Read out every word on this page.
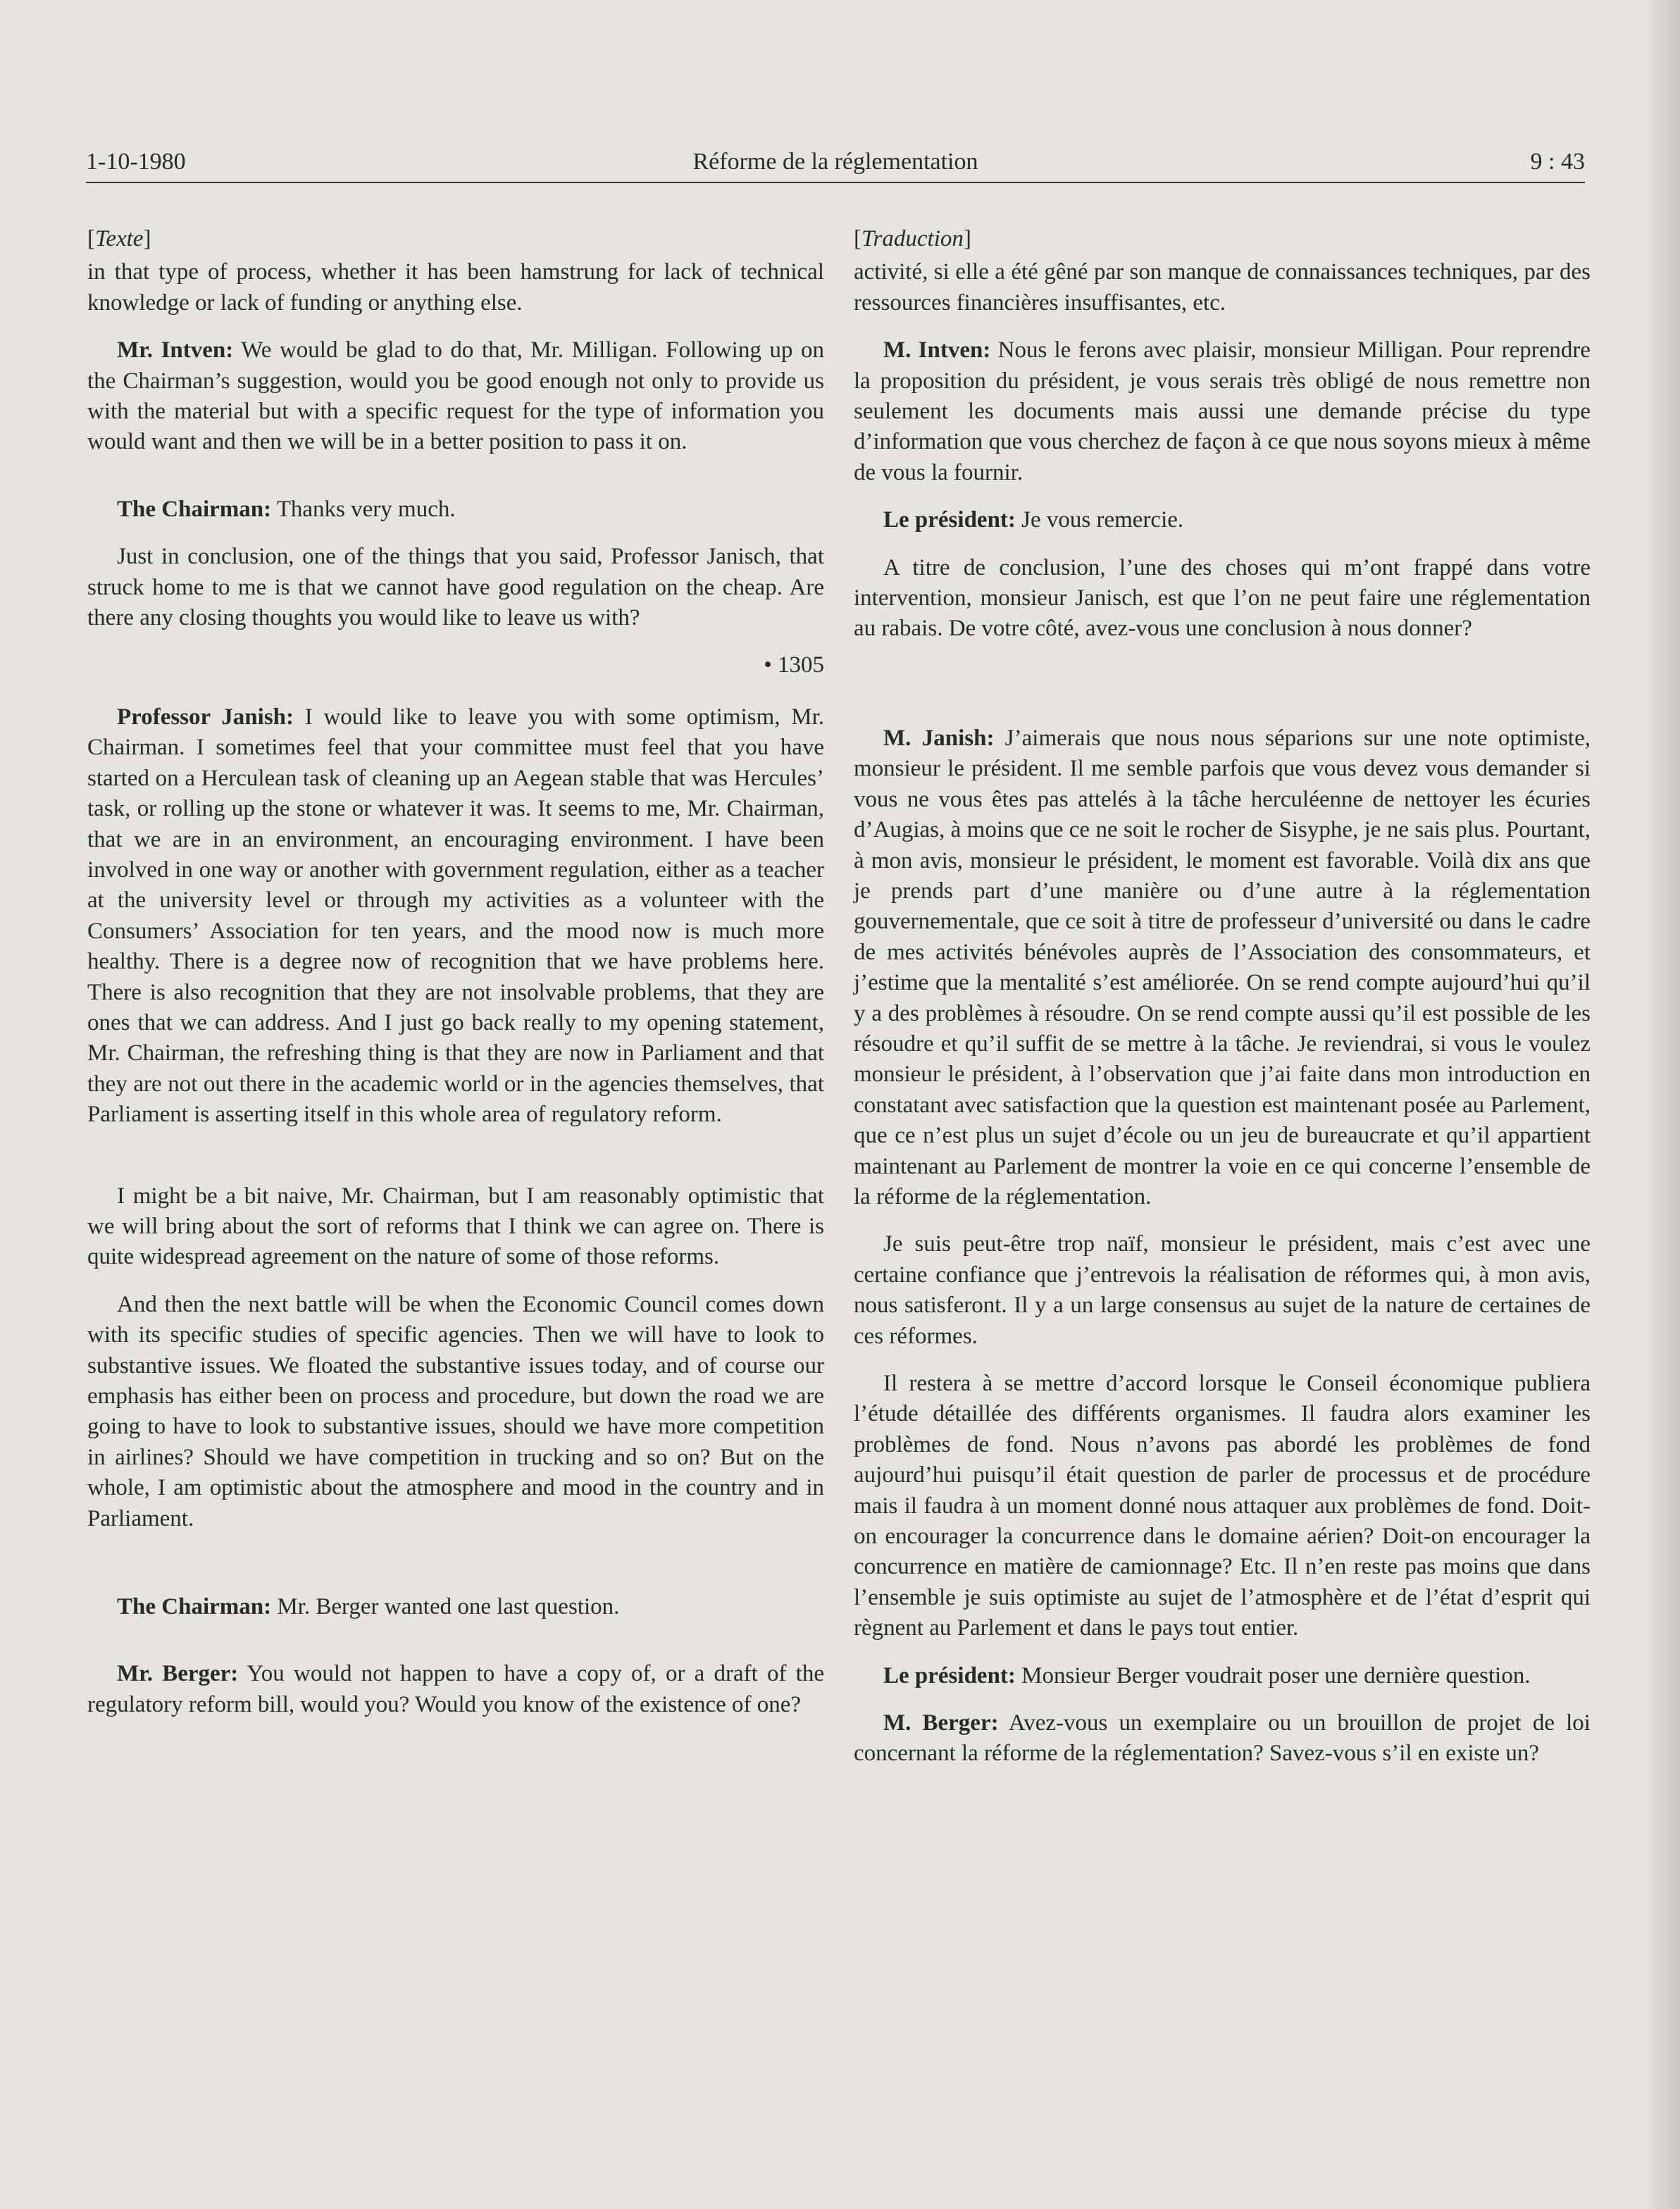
1-10-1980	Réforme de la réglementation	9 : 43

[Texte]

in that type of process, whether it has been hamstrung for lack of technical knowledge or lack of funding or anything else.

Mr. Intven: We would be glad to do that, Mr. Milligan. Following up on the Chairman’s suggestion, would you be good enough not only to provide us with the material but with a specific request for the type of information you would want and then we will be in a better position to pass it on.

The Chairman: Thanks very much.

Just in conclusion, one of the things that you said, Professor Janisch, that struck home to me is that we cannot have good regulation on the cheap. Are there any closing thoughts you would like to leave us with?

• 1305

Professor Janish: I would like to leave you with some optimism, Mr. Chairman. I sometimes feel that your committee must feel that you have started on a Herculean task of cleaning up an Aegean stable that was Hercules’ task, or rolling up the stone or whatever it was. It seems to me, Mr. Chairman, that we are in an environment, an encouraging environment. I have been involved in one way or another with government regulation, either as a teacher at the university level or through my activities as a volunteer with the Consumers’ Association for ten years, and the mood now is much more healthy. There is a degree now of recognition that we have problems here. There is also recognition that they are not insolvable problems, that they are ones that we can address. And I just go back really to my opening statement, Mr. Chairman, the refreshing thing is that they are now in Parliament and that they are not out there in the academic world or in the agencies themselves, that Parliament is asserting itself in this whole area of regulatory reform.

I might be a bit naive, Mr. Chairman, but I am reasonably optimistic that we will bring about the sort of reforms that I think we can agree on. There is quite widespread agreement on the nature of some of those reforms.

And then the next battle will be when the Economic Council comes down with its specific studies of specific agencies. Then we will have to look to substantive issues. We floated the substantive issues today, and of course our emphasis has either been on process and procedure, but down the road we are going to have to look to substantive issues, should we have more competition in airlines? Should we have competition in trucking and so on? But on the whole, I am optimistic about the atmosphere and mood in the country and in Parliament.

The Chairman: Mr. Berger wanted one last question.

Mr. Berger: You would not happen to have a copy of, or a draft of the regulatory reform bill, would you? Would you know of the existence of one?

[Traduction]

activité, si elle a été gêné par son manque de connaissances techniques, par des ressources financières insuffisantes, etc.

M. Intven: Nous le ferons avec plaisir, monsieur Milligan. Pour reprendre la proposition du président, je vous serais très obligé de nous remettre non seulement les documents mais aussi une demande précise du type d’information que vous cherchez de façon à ce que nous soyons mieux à même de vous la fournir.

Le président: Je vous remercie.

A titre de conclusion, l’une des choses qui m’ont frappé dans votre intervention, monsieur Janisch, est que l’on ne peut faire une réglementation au rabais. De votre côté, avez-vous une conclusion à nous donner?

M. Janish: J’aimerais que nous nous séparions sur une note optimiste, monsieur le président. Il me semble parfois que vous devez vous demander si vous ne vous êtes pas attelés à la tâche herculéenne de nettoyer les écuries d’Augias, à moins que ce ne soit le rocher de Sisyphe, je ne sais plus. Pourtant, à mon avis, monsieur le président, le moment est favorable. Voilà dix ans que je prends part d’une manière ou d’une autre à la réglementation gouvernementale, que ce soit à titre de professeur d’université ou dans le cadre de mes activités bénévoles auprès de l’Association des consommateurs, et j’estime que la mentalité s’est améliorée. On se rend compte aujourd’hui qu’il y a des problèmes à résoudre. On se rend compte aussi qu’il est possible de les résoudre et qu’il suffit de se mettre à la tâche. Je reviendrai, si vous le voulez monsieur le président, à l’observation que j’ai faite dans mon introduction en constatant avec satisfaction que la question est maintenant posée au Parlement, que ce n’est plus un sujet d’école ou un jeu de bureaucrate et qu’il appartient maintenant au Parlement de montrer la voie en ce qui concerne l’ensemble de la réforme de la réglementation.

Je suis peut-être trop naïf, monsieur le président, mais c’est avec une certaine confiance que j’entrevois la réalisation de réformes qui, à mon avis, nous satisferont. Il y a un large consensus au sujet de la nature de certaines de ces réformes.

Il restera à se mettre d’accord lorsque le Conseil économique publiera l’étude détaillée des différents organismes. Il faudra alors examiner les problèmes de fond. Nous n’avons pas abordé les problèmes de fond aujourd’hui puisqu’il était question de parler de processus et de procédure mais il faudra à un moment donné nous attaquer aux problèmes de fond. Doit-on encourager la concurrence dans le domaine aérien? Doit-on encourager la concurrence en matière de camionnage? Etc. Il n’en reste pas moins que dans l’ensemble je suis optimiste au sujet de l’atmosphère et de l’état d’esprit qui règnent au Parlement et dans le pays tout entier.

Le président: Monsieur Berger voudrait poser une dernière question.

M. Berger: Avez-vous un exemplaire ou un brouillon de projet de loi concernant la réforme de la réglementation? Savez-vous s’il en existe un?
